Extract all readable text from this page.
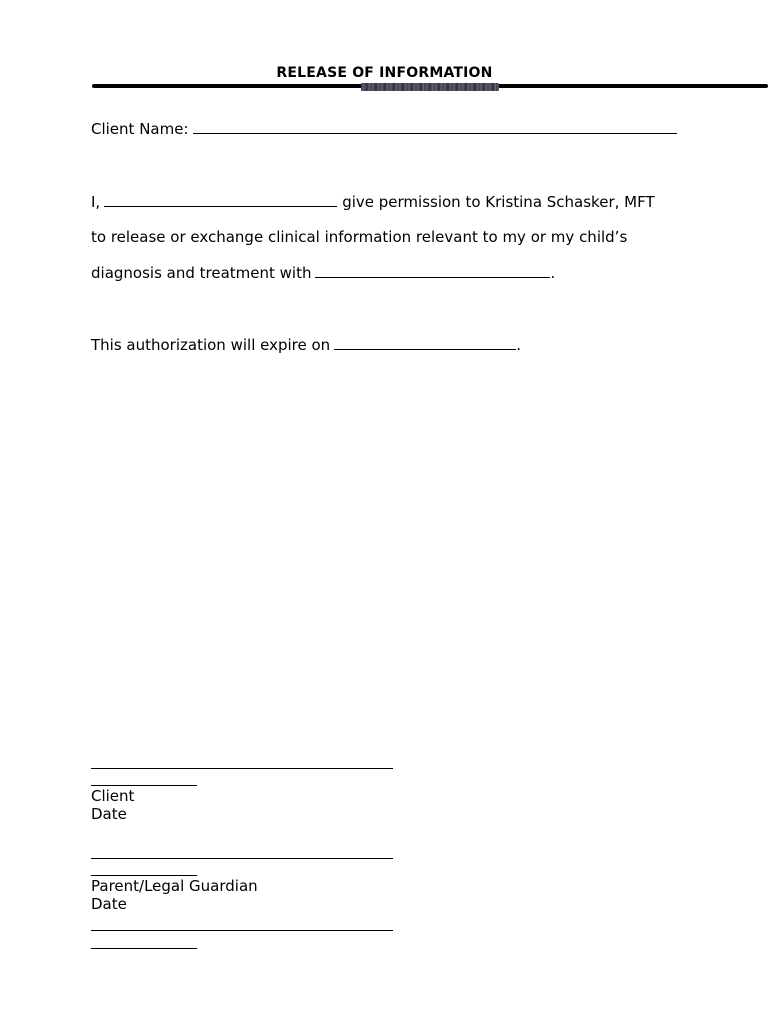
RELEASE OF INFORMATION
Client Name:
I,	give permission to Kristina Schasker, MFT
to release or exchange clinical information relevant to my or my child’s
diagnosis and treatment with	.
This authorization will expire on	.
Client
Date
Parent/Legal Guardian
Date
